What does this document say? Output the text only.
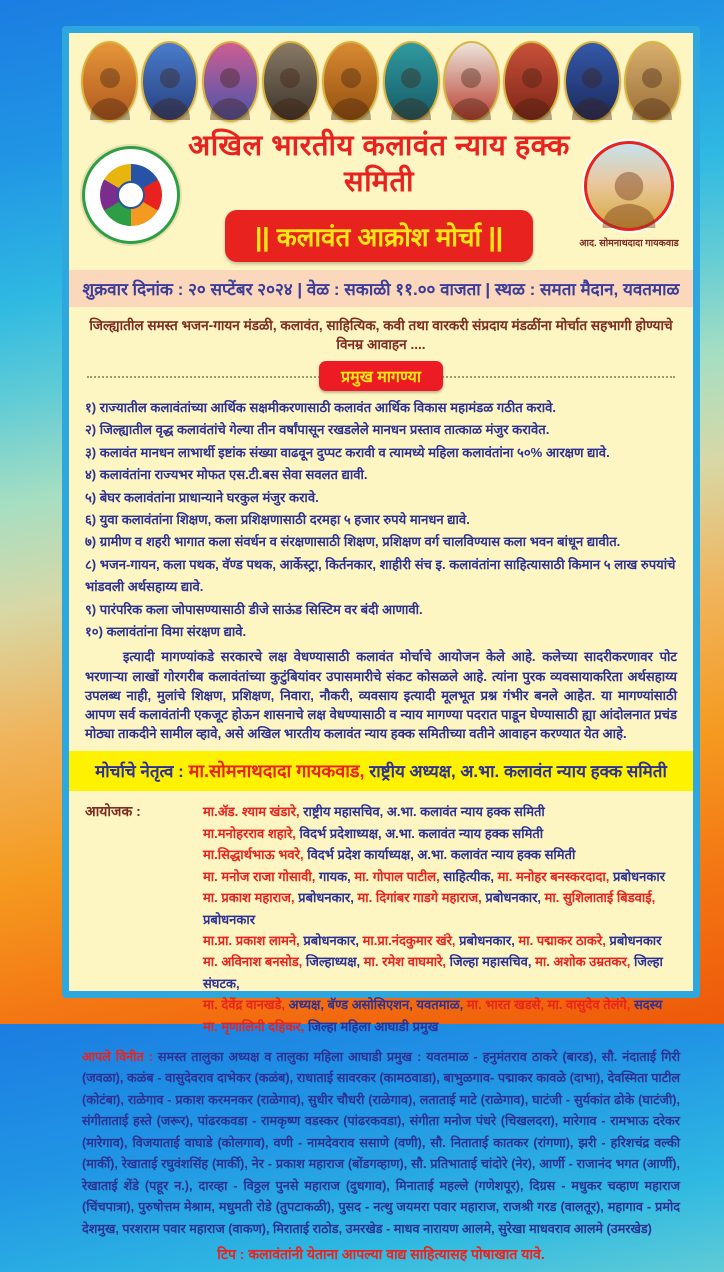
अखिल भारतीय कलावंत न्याय हक्क समिती
|| कलावंत आक्रोश मोर्चा ||	आद. सोमनाथदादा गायकवाड
शुक्रवार दिनांक : २० सप्टेंबर २०२४ | वेळ : सकाळी ११.०० वाजता | स्थळ : समता मैदान, यवतमाळ
जिल्ह्यातील समस्त भजन-गायन मंडळी, कलावंत, साहित्यिक, कवी तथा वारकरी संप्रदाय मंडळींना मोर्चात सहभागी होण्याचे विनम्र आवाहन ....
प्रमुख मागण्या
१) राज्यातील कलावंतांच्या आर्थिक सक्षमीकरणासाठी कलावंत आर्थिक विकास महामंडळ गठीत करावे.
२) जिल्ह्यातील वृद्ध कलावंतांचे गेल्या तीन वर्षांपासून रखडलेले मानधन प्रस्ताव तात्काळ मंजुर करावेत.
३) कलावंत मानधन लाभार्थी इष्टांक संख्या वाढवून दुप्पट करावी व त्यामध्ये महिला कलावंतांना ५०% आरक्षण द्यावे.
४) कलावंतांना राज्यभर मोफत एस.टी.बस सेवा सवलत द्यावी.
५) बेघर कलावंतांना प्राधान्याने घरकुल मंजुर करावे.
६) युवा कलावंतांना शिक्षण, कला प्रशिक्षणासाठी दरमहा ५ हजार रुपये मानधन द्यावे.
७) ग्रामीण व शहरी भागात कला संवर्धन व संरक्षणासाठी शिक्षण, प्रशिक्षण वर्ग चालविण्यास कला भवन बांधून द्यावीत.
८) भजन-गायन, कला पथक, वॅण्ड पथक, आर्केस्ट्रा, किर्तनकार, शाहीरी संच इ. कलावंतांना साहित्यासाठी किमान ५ लाख रुपयांचे भांडवली अर्थसहाय्य द्यावे.
९) पारंपरिक कला जोपासण्यासाठी डीजे साऊंड सिस्टिम वर बंदी आणावी.
१०) कलावंतांना विमा संरक्षण द्यावे.
इत्यादी मागण्यांकडे सरकारचे लक्ष वेधण्यासाठी कलावंत मोर्चाचे आयोजन केले आहे. कलेच्या सादरीकरणावर पोट भरणाऱ्या लाखों गोरगरीब कलावंतांच्या कुटुंबियांवर उपासमारीचे संकट कोसळले आहे. त्यांना पुरक व्यवसायाकरिता अर्थसहाय्य उपलब्ध नाही, मुलांचे शिक्षण, प्रशिक्षण, निवारा, नौकरी, व्यवसाय इत्यादी मूलभूत प्रश्न गंभीर बनले आहेत. या मागण्यांसाठी आपण सर्व कलावंतांनी एकजूट होऊन शासनाचे लक्ष वेधण्यासाठी व न्याय मागण्या पदरात पाडून घेण्यासाठी ह्या आंदोलनात प्रचंड मोठ्या ताकदीने सामील व्हावे, असे अखिल भारतीय कलावंत न्याय हक्क समितीच्या वतीने आवाहन करण्यात येत आहे.
मोर्चाचे नेतृत्व : मा.सोमनाथदादा गायकवाड, राष्ट्रीय अध्यक्ष, अ.भा. कलावंत न्याय हक्क समिती
आयोजक :	मा.ॲड. श्याम खंडारे, राष्ट्रीय महासचिव, अ.भा. कलावंत न्याय हक्क समिती
मा.मनोहरराव शहारे, विदर्भ प्रदेशाध्यक्ष, अ.भा. कलावंत न्याय हक्क समिती
मा.सिद्धार्थभाऊ भवरे, विदर्भ प्रदेश कार्याध्यक्ष, अ.भा. कलावंत न्याय हक्क समिती
मा. मनोज राजा गोसावी, गायक, मा. गोपाल पाटील, साहित्यीक, मा. मनोहर बनस्करदादा, प्रबोधनकार
मा. प्रकाश महाराज, प्रबोधनकार, मा. दिगांबर गाडगे महाराज, प्रबोधनकार, मा. सुशिलाताई बिडवाई, प्रबोधनकार
मा.प्रा. प्रकाश लामने, प्रबोधनकार, मा.प्रा.नंदकुमार खंरे, प्रबोधनकार, मा. पद्माकर ठाकरे, प्रबोधनकार
मा. अविनाश बनसोड, जिल्हाध्यक्ष, मा. रमेश वाघमारे, जिल्हा महासचिव, मा. अशोक उम्रतकर, जिल्हा संघटक,
मा. देवेंद्र वानखडे, अध्यक्ष, बॅण्ड असोसिएशन, यवतमाळ, मा. भारत खडसे, मा. वासुदेव तेलंगे, सदस्य
मा. मृणालिनी दहिकर, जिल्हा महिला आघाडी प्रमुख
आपले विनीत : समस्त तालुका अध्यक्ष व तालुका महिला आघाडी प्रमुख : यवतमाळ - हनुमंतराव ठाकरे (बारड), सौ. नंदाताई गिरी (जवळा), कळंब - वासुदेवराव दाभेकर (कळंब), राधाताई सावरकर (कामठवाडा), बाभुळगाव- पद्माकर कावळे (दाभा), देवस्मिता पाटील (कोटंबा), राळेगाव - प्रकाश करमनकर (राळेगाव), सुधीर चौधरी (राळेगाव), लताताई माटे (राळेगाव), घाटंजी - सुर्यकांत ढोके (घाटंजी), संगीताताई हस्ते (जरूर), पांढरकवडा - रामकृष्ण वडस्कर (पांढरकवडा), संगीता मनोज पंधरे (चिखलदरा), मारेगाव - रामभाऊ दरेकर (मारेगाव), विजयाताई वाघाडे (कोलगाव), वणी - नामदेवराव ससाणे (वणी), सौ. निताताई कातकर (रांगणा), झरी - हरिशचंद्र वल्की (मार्की), रेखाताई रघुवंशसिंह (मार्की), नेर - प्रकाश महाराज (बोंडगव्हाण), सौ. प्रतिभाताई चांदोरे (नेर), आर्णी - राजानंद भगत (आर्णी), रेखाताई शेंडे (पहूर न.), दारव्हा - विठ्ठल पुनसे महाराज (दुधगाव), मिनाताई महल्ले (गणेशपूर), दिग्रस - मधुकर चव्हाण महाराज (चिंचपात्रा), पुरुषोत्तम मेश्राम, मधुमती रोडे (तुपटाकळी), पुसद - नत्थु जयमरा पवार महाराज, राजश्री गरड (वालतूर), महागाव - प्रमोद देशमुख, परशराम पवार महाराज (वाकण), मिराताई राठोड, उमरखेड - माधव नारायण आलमे, सुरेखा माधवराव आलमे (उमरखेड)
टिप : कलावंतांनी येताना आपल्या वाद्य साहित्यासह पोषाखात यावे.
